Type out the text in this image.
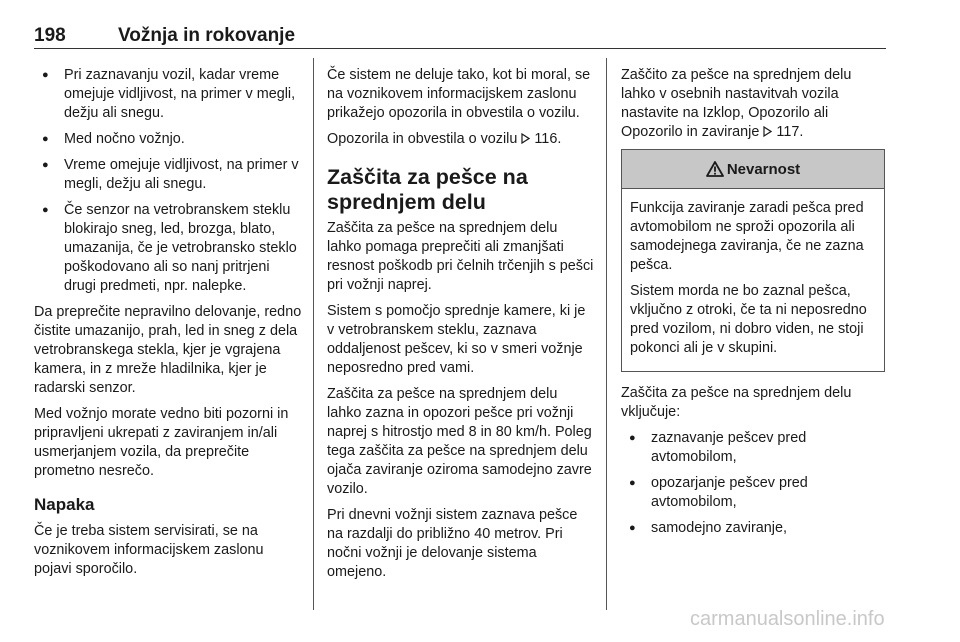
198	Vožnja in rokovanje
● Pri zaznavanju vozil, kadar vreme omejuje vidljivost, na primer v megli, dežju ali snegu.
● Med nočno vožnjo.
● Vreme omejuje vidljivost, na primer v megli, dežju ali snegu.
● Če senzor na vetrobranskem steklu blokirajo sneg, led, brozga, blato, umazanija, če je vetrobransko steklo poškodovano ali so nanj pritrjeni drugi predmeti, npr. nalepke.

Da preprečite nepravilno delovanje, redno čistite umazanijo, prah, led in sneg z dela vetrobranskega stekla, kjer je vgrajena kamera, in z mreže hladilnika, kjer je radarski senzor.

Med vožnjo morate vedno biti pozorni in pripravljeni ukrepati z zaviranjem in/ali usmerjanjem vozila, da preprečite prometno nesrečo.

Napaka

Če je treba sistem servisirati, se na voznikovem informacijskem zaslonu pojavi sporočilo.

Če sistem ne deluje tako, kot bi moral, se na voznikovem informacijskem zaslonu prikažejo opozorila in obvestila o vozilu.

Opozorila in obvestila o vozilu 116.

Zaščita za pešce na sprednjem delu

Zaščita za pešce na sprednjem delu lahko pomaga preprečiti ali zmanjšati resnost poškodb pri čelnih trčenjih s pešci pri vožnji naprej.

Sistem s pomočjo sprednje kamere, ki je v vetrobranskem steklu, zaznava oddaljenost pešcev, ki so v smeri vožnje neposredno pred vami.

Zaščita za pešce na sprednjem delu lahko zazna in opozori pešce pri vožnji naprej s hitrostjo med 8 in 80 km/h. Poleg tega zaščita za pešce na sprednjem delu ojača zaviranje oziroma samodejno zavre vozilo.

Pri dnevni vožnji sistem zaznava pešce na razdalji do približno 40 metrov. Pri nočni vožnji je delovanje sistema omejeno.

Zaščito za pešce na sprednjem delu lahko v osebnih nastavitvah vozila nastavite na Izklop, Opozorilo ali Opozorilo in zaviranje 117.

Nevarnost

Funkcija zaviranje zaradi pešca pred avtomobilom ne sproži opozorila ali samodejnega zaviranja, če ne zazna pešca.

Sistem morda ne bo zaznal pešca, vključno z otroki, če ta ni neposredno pred vozilom, ni dobro viden, ne stoji pokonci ali je v skupini.

Zaščita za pešce na sprednjem delu vključuje:

● zaznavanje pešcev pred avtomobilom,
● opozarjanje pešcev pred avtomobilom,
● samodejno zaviranje,
carmanualsonline.info
